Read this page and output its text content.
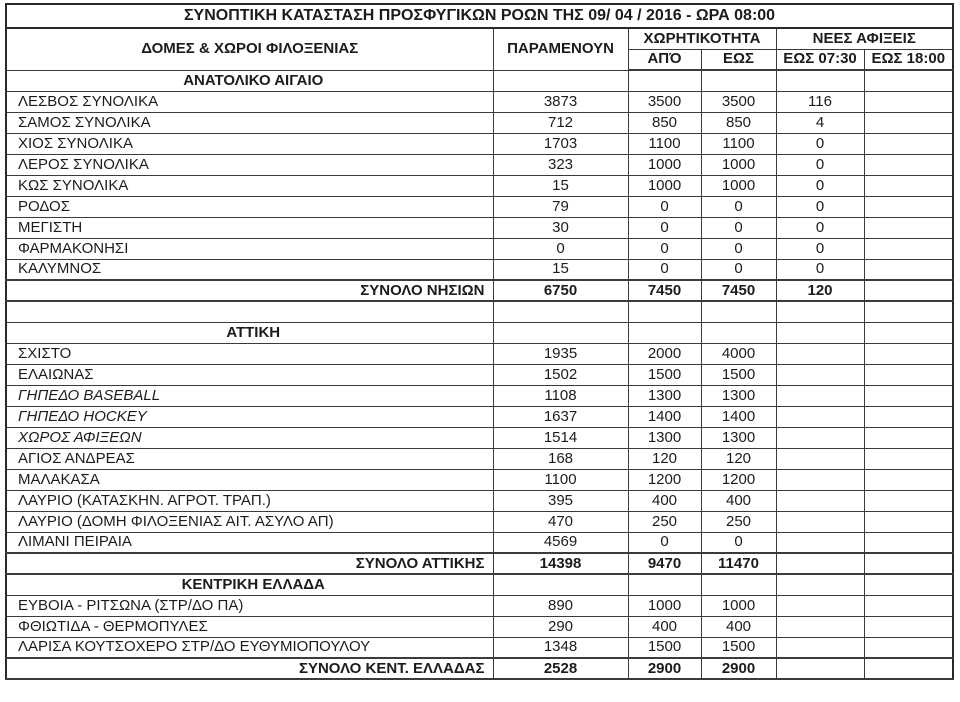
ΣΥΝΟΠΤΙΚΗ ΚΑΤΑΣΤΑΣΗ ΠΡΟΣΦΥΓΙΚΩΝ ΡΟΩΝ ΤΗΣ 09/ 04 / 2016 - ΩΡΑ 08:00					
ΔΟΜΕΣ & ΧΩΡΟΙ ΦΙΛΟΞΕΝΙΑΣ	ΠΑΡΑΜΕΝΟΥΝ	ΧΩΡΗΤΙΚΟΤΗΤΑ		ΝΕΕΣ ΑΦΙΞΕΙΣ	
		ΑΠΌ	ΕΩΣ	ΕΩΣ 07:30	ΕΩΣ 18:00
ΑΝΑΤΟΛΙΚΟ ΑΙΓΑΙΟ					
ΛΕΣΒΟΣ ΣΥΝΟΛΙΚΑ	3873	3500	3500	116	
ΣΑΜΟΣ ΣΥΝΟΛΙΚΑ	712	850	850	4	
ΧΙΟΣ ΣΥΝΟΛΙΚΑ	1703	1100	1100	0	
ΛΕΡΟΣ ΣΥΝΟΛΙΚΑ	323	1000	1000	0	
ΚΩΣ ΣΥΝΟΛΙΚΑ	15	1000	1000	0	
ΡΟΔΟΣ	79	0	0	0	
ΜΕΓΙΣΤΗ	30	0	0	0	
ΦΑΡΜΑΚΟΝΗΣΙ	0	0	0	0	
ΚΑΛΥΜΝΟΣ	15	0	0	0	
ΣΥΝΟΛΟ ΝΗΣΙΩΝ	6750	7450	7450	120	

ΑΤΤΙΚΗ					
ΣΧΙΣΤΟ	1935	2000	4000		
ΕΛΑΙΩΝΑΣ	1502	1500	1500		
ΓΗΠΕΔΟ BASEBALL	1108	1300	1300		
ΓΗΠΕΔΟ HOCKEY	1637	1400	1400		
ΧΩΡΟΣ ΑΦΙΞΕΩΝ	1514	1300	1300		
ΑΓΙΟΣ ΑΝΔΡΕΑΣ	168	120	120		
ΜΑΛΑΚΑΣΑ	1100	1200	1200		
ΛΑΥΡΙΟ (ΚΑΤΑΣΚΗΝ. ΑΓΡΟΤ. ΤΡΑΠ.)	395	400	400		
ΛΑΥΡΙΟ (ΔΟΜΗ ΦΙΛΟΞΕΝΙΑΣ ΑΙΤ. ΑΣΥΛΟ ΑΠ)	470	250	250		
ΛΙΜΑΝΙ ΠΕΙΡΑΙΑ	4569	0	0		
ΣΥΝΟΛΟ ΑΤΤΙΚΗΣ	14398	9470	11470		
ΚΕΝΤΡΙΚΗ ΕΛΛΑΔΑ					
ΕΥΒΟΙΑ - ΡΙΤΣΩΝΑ (ΣΤΡ/ΔΟ ΠΑ)	890	1000	1000		
ΦΘΙΩΤΙΔΑ - ΘΕΡΜΟΠΥΛΕΣ	290	400	400		
ΛΑΡΙΣΑ ΚΟΥΤΣΟΧΕΡΟ ΣΤΡ/ΔΟ ΕΥΘΥΜΙΟΠΟΥΛΟΥ	1348	1500	1500		
ΣΥΝΟΛΟ ΚΕΝΤ. ΕΛΛΑΔΑΣ	2528	2900	2900		
